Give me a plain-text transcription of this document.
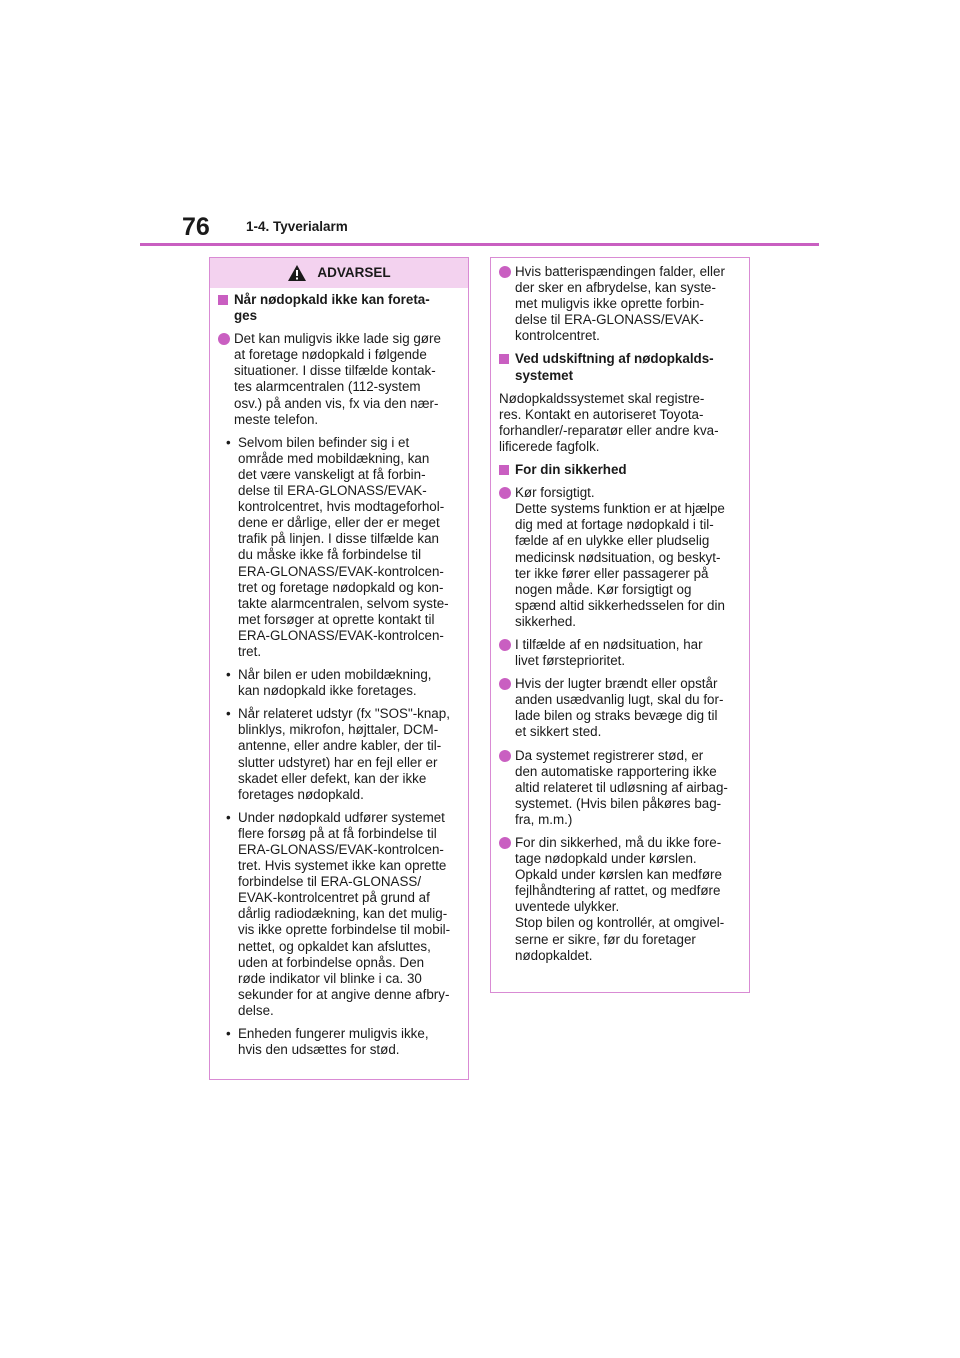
76	1-4. Tyverialarm
ADVARSEL
Når nødopkald ikke kan foreta-
ges
Det kan muligvis ikke lade sig gøre
at foretage nødopkald i følgende
situationer. I disse tilfælde kontak-
tes alarmcentralen (112-system
osv.) på anden vis, fx via den nær-
meste telefon.
• Selvom bilen befinder sig i et
område med mobildækning, kan
det være vanskeligt at få forbin-
delse til ERA-GLONASS/EVAK-
kontrolcentret, hvis modtageforhol-
dene er dårlige, eller der er meget
trafik på linjen. I disse tilfælde kan
du måske ikke få forbindelse til
ERA-GLONASS/EVAK-kontrolcen-
tret og foretage nødopkald og kon-
takte alarmcentralen, selvom syste-
met forsøger at oprette kontakt til
ERA-GLONASS/EVAK-kontrolcen-
tret.
• Når bilen er uden mobildækning,
kan nødopkald ikke foretages.
• Når relateret udstyr (fx "SOS"-knap,
blinklys, mikrofon, højttaler, DCM-
antenne, eller andre kabler, der til-
slutter udstyret) har en fejl eller er
skadet eller defekt, kan der ikke
foretages nødopkald.
• Under nødopkald udfører systemet
flere forsøg på at få forbindelse til
ERA-GLONASS/EVAK-kontrolcen-
tret. Hvis systemet ikke kan oprette
forbindelse til ERA-GLONASS/
EVAK-kontrolcentret på grund af
dårlig radiodækning, kan det mulig-
vis ikke oprette forbindelse til mobil-
nettet, og opkaldet kan afsluttes,
uden at forbindelse opnås. Den
røde indikator vil blinke i ca. 30
sekunder for at angive denne afbry-
delse.
• Enheden fungerer muligvis ikke,
hvis den udsættes for stød.
Hvis batterispændingen falder, eller
der sker en afbrydelse, kan syste-
met muligvis ikke oprette forbin-
delse til ERA-GLONASS/EVAK-
kontrolcentret.
Ved udskiftning af nødopkalds-
systemet
Nødopkaldssystemet skal registre-
res. Kontakt en autoriseret Toyota-
forhandler/-reparatør eller andre kva-
lificerede fagfolk.
For din sikkerhed
Kør forsigtigt.
Dette systems funktion er at hjælpe
dig med at fortage nødopkald i til-
fælde af en ulykke eller pludselig
medicinsk nødsituation, og beskyt-
ter ikke fører eller passagerer på
nogen måde. Kør forsigtigt og
spænd altid sikkerhedsselen for din
sikkerhed.
I tilfælde af en nødsituation, har
livet førsteprioritet.
Hvis der lugter brændt eller opstår
anden usædvanlig lugt, skal du for-
lade bilen og straks bevæge dig til
et sikkert sted.
Da systemet registrerer stød, er
den automatiske rapportering ikke
altid relateret til udløsning af airbag-
systemet. (Hvis bilen påkøres bag-
fra, m.m.)
For din sikkerhed, må du ikke fore-
tage nødopkald under kørslen.
Opkald under kørslen kan medføre
fejlhåndtering af rattet, og medføre
uventede ulykker.
Stop bilen og kontrollér, at omgivel-
serne er sikre, før du foretager
nødopkaldet.
